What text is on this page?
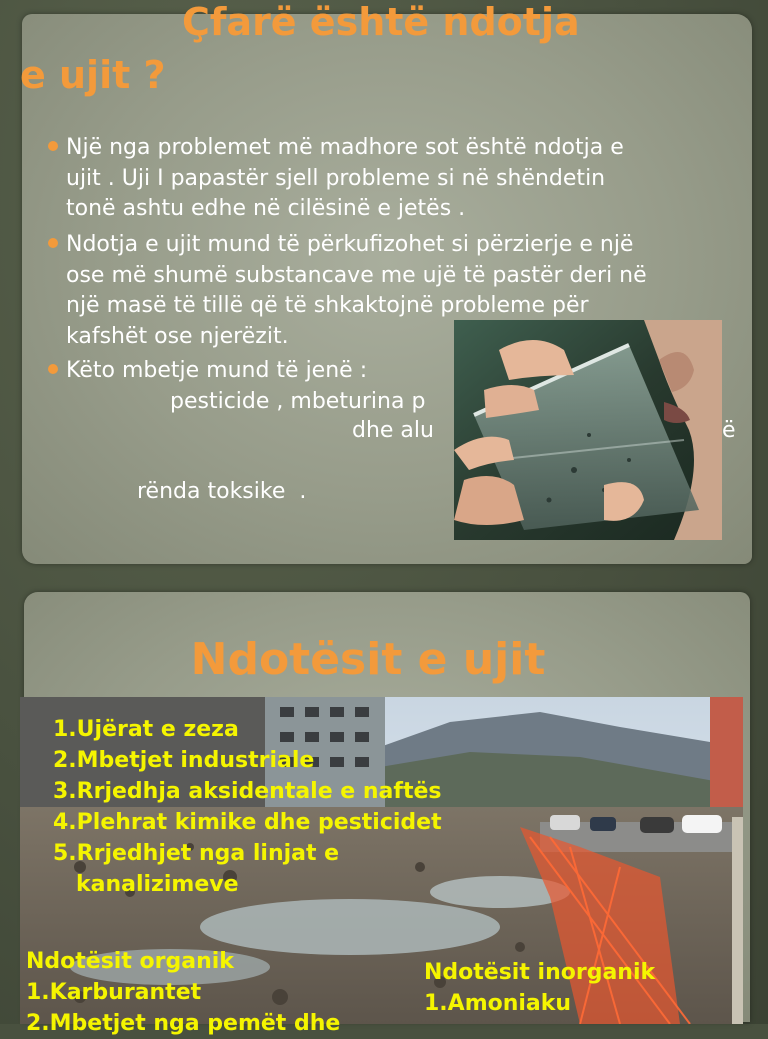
Çfarë është ndotja
e ujit ?

Një nga problemet më madhore sot është ndotja e
ujit . Uji I papastër sjell probleme si në shëndetin
tonë ashtu edhe në cilësinë e jetës .

Ndotja e ujit mund të përkufizohet si përzierje e një
ose më shumë substancave me ujë të pastër deri në
një masë të tillë që të shkaktojnë probleme për
kafshët ose njerëzit.

Këto mbetje mund të jenë :

pesticide , mbeturina p

dhe alu	ë

rënda toksike  .

Ndotësit e ujit

1.Ujërat e zeza
2.Mbetjet industriale
3.Rrjedhja aksidentale e naftës
4.Plehrat kimike dhe pesticidet
5.Rrjedhjet nga linjat e
kanalizimeve

Ndotësit organik
1.Karburantet
2.Mbetjet nga pemët dhe

Ndotësit inorganik
1.Amoniaku
